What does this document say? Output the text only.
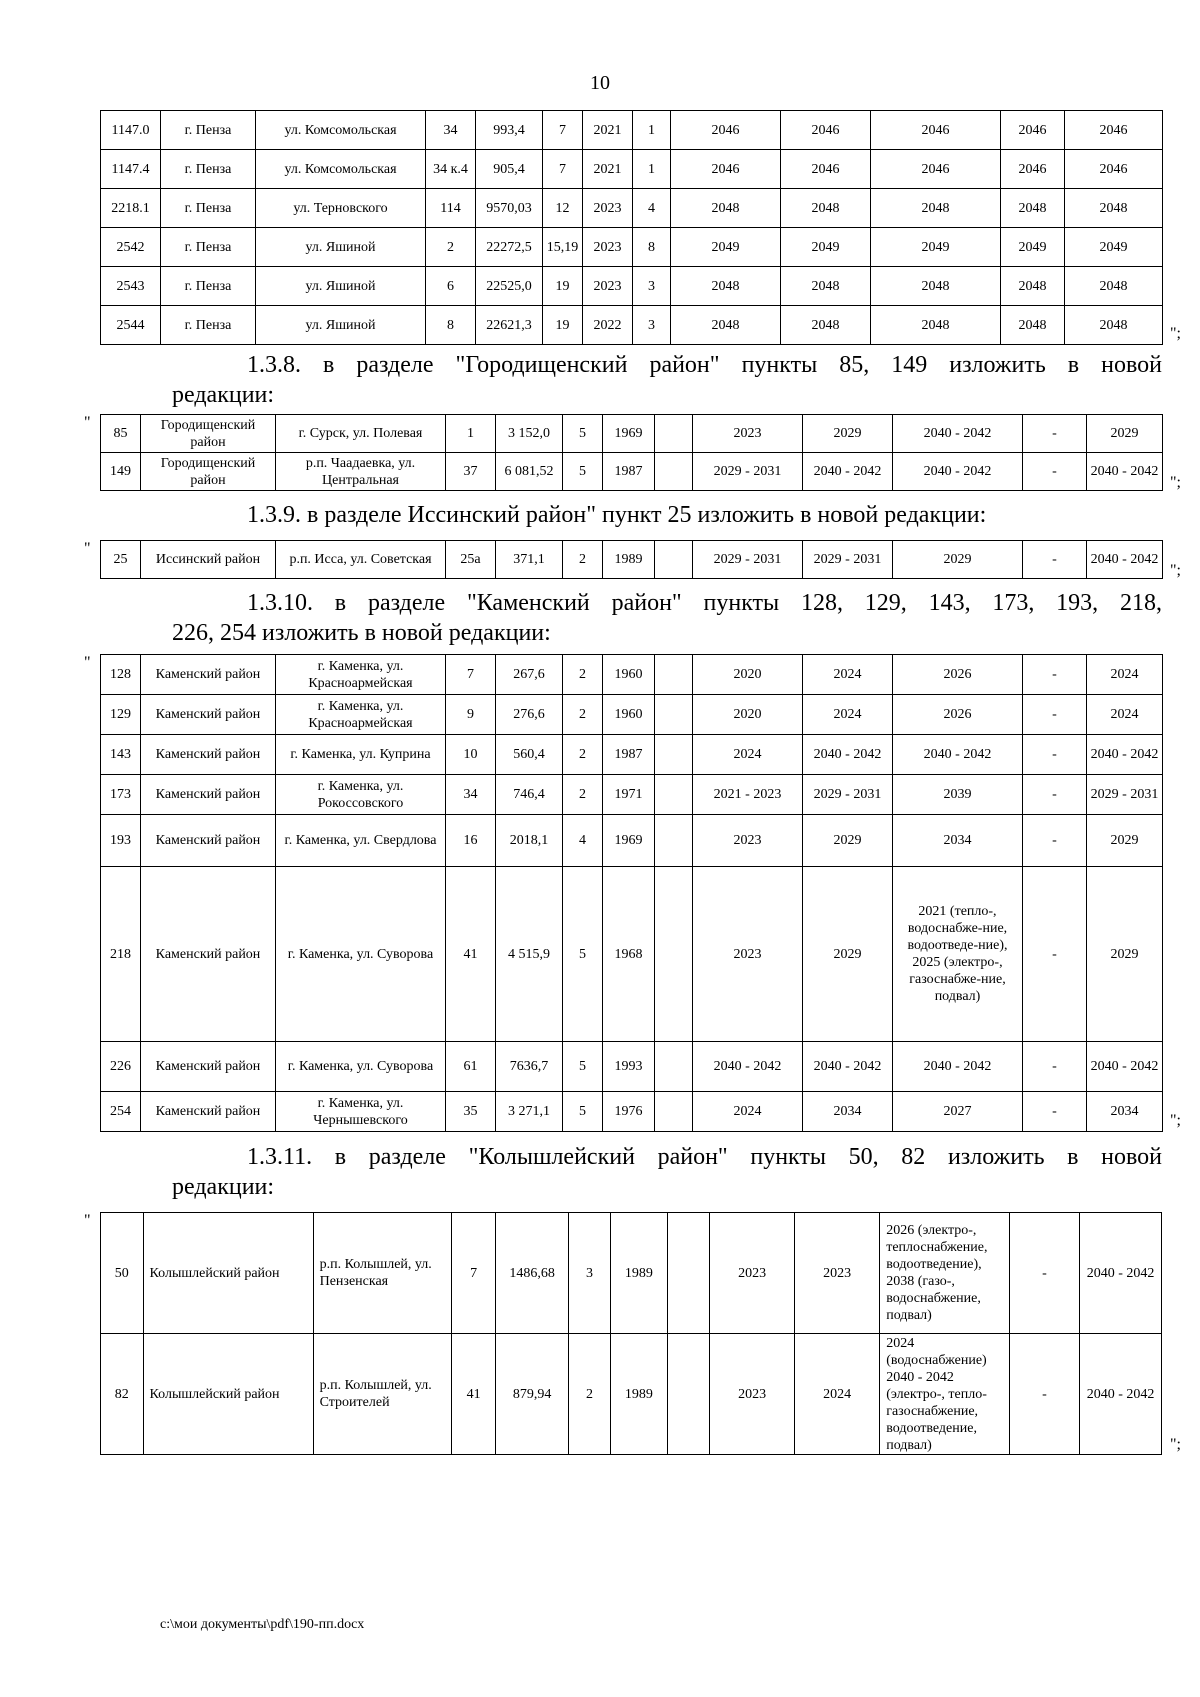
10
1147.0	г. Пенза	ул. Комсомольская	34	993,4	7	2021	1	2046	2046	2046	2046	2046
1147.4	г. Пенза	ул. Комсомольская	34 к.4	905,4	7	2021	1	2046	2046	2046	2046	2046
2218.1	г. Пенза	ул. Терновского	114	9570,03	12	2023	4	2048	2048	2048	2048	2048
2542	г. Пенза	ул. Яшиной	2	22272,5	15,19	2023	8	2049	2049	2049	2049	2049
2543	г. Пенза	ул. Яшиной	6	22525,0	19	2023	3	2048	2048	2048	2048	2048
2544	г. Пенза	ул. Яшиной	8	22621,3	19	2022	3	2048	2048	2048	2048	2048	";
1.3.8. в разделе "Городищенский район" пункты 85, 149 изложить в новой
редакции:
"
85	Городищенский район	г. Сурск, ул. Полевая	1	3 152,0	5	1969		2023	2029	2040 - 2042	-	2029
149	Городищенский район	р.п. Чаадаевка, ул. Центральная	37	6 081,52	5	1987		2029 - 2031	2040 - 2042	2040 - 2042	-	2040 - 2042
";
1.3.9. в разделе Иссинский район" пункт 25 изложить в новой редакции:
"
25	Иссинский район	р.п. Исса, ул. Советская	25а	371,1	2	1989		2029 - 2031	2029 - 2031	2029	-	2040 - 2042
";
1.3.10. в разделе "Каменский район" пункты 128, 129, 143, 173, 193, 218,
226, 254 изложить в новой редакции:
"
128	Каменский район	г. Каменка, ул. Красноармейская	7	267,6	2	1960		2020	2024	2026	-	2024
129	Каменский район	г. Каменка, ул. Красноармейская	9	276,6	2	1960		2020	2024	2026	-	2024
143	Каменский район	г. Каменка, ул. Куприна	10	560,4	2	1987		2024	2040 - 2042	2040 - 2042	-	2040 - 2042
173	Каменский район	г. Каменка, ул. Рокоссовского	34	746,4	2	1971		2021 - 2023	2029 - 2031	2039	-	2029 - 2031
193	Каменский район	г. Каменка, ул. Свердлова	16	2018,1	4	1969		2023	2029	2034	-	2029
218	Каменский район	г. Каменка, ул. Суворова	41	4 515,9	5	1968		2023	2029	2021 (тепло-, водоснабже-ние, водоотведе-ние), 2025 (электро-, газоснабже-ние, подвал)	-	2029
226	Каменский район	г. Каменка, ул. Суворова	61	7636,7	5	1993		2040 - 2042	2040 - 2042	2040 - 2042	-	2040 - 2042
254	Каменский район	г. Каменка, ул. Чернышевского	35	3 271,1	5	1976		2024	2034	2027	-	2034
";
1.3.11. в разделе "Колышлейский район" пункты 50, 82 изложить в новой
редакции:
"
50	Колышлейский район	р.п. Колышлей, ул. Пензенская	7	1486,68	3	1989		2023	2023	2026 (электро-, теплоснабжение, водоотведение), 2038 (газо-, водоснабжение, подвал)	-	2040 - 2042
82	Колышлейский район	р.п. Колышлей, ул. Строителей	41	879,94	2	1989		2023	2024	2024 (водоснабжение) 2040 - 2042 (электро-, тепло-газоснабжение, водоотведение, подвал)	-	2040 - 2042
";
c:\мои документы\pdf\190-пп.docx
